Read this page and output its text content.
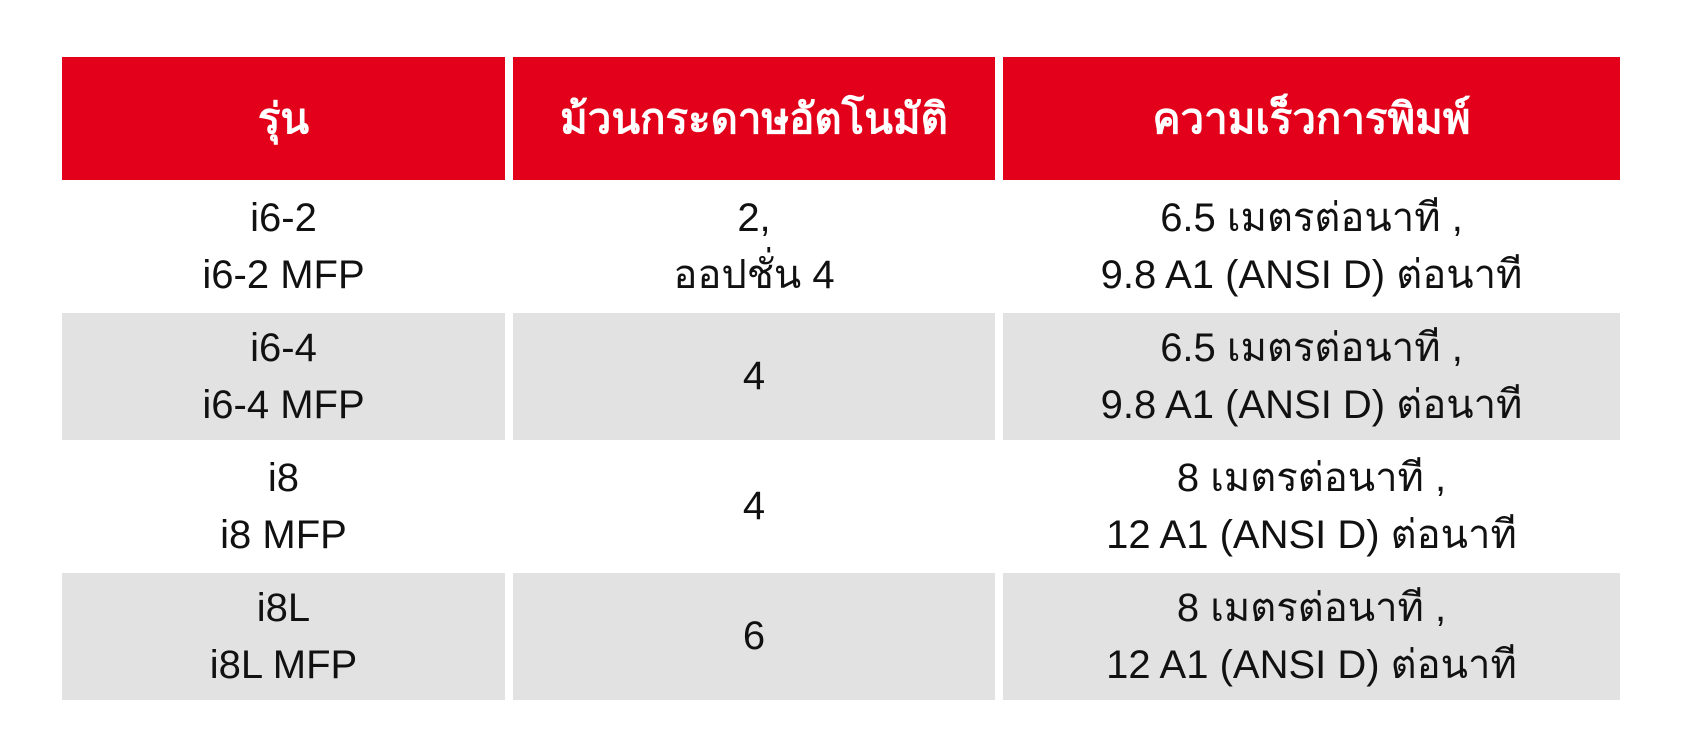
รุ่น	ม้วนกระดาษอัตโนมัติ	ความเร็วการพิมพ์
i6-2
i6-2 MFP
2,
ออปชั่น 4
6.5 เมตรต่อนาที ,
9.8 A1 (ANSI D) ต่อนาที
i6-4
i6-4 MFP
4
6.5 เมตรต่อนาที ,
9.8 A1 (ANSI D) ต่อนาที
i8
i8 MFP
4
8 เมตรต่อนาที ,
12 A1 (ANSI D) ต่อนาที
i8L
i8L MFP
6
8 เมตรต่อนาที ,
12 A1 (ANSI D) ต่อนาที
